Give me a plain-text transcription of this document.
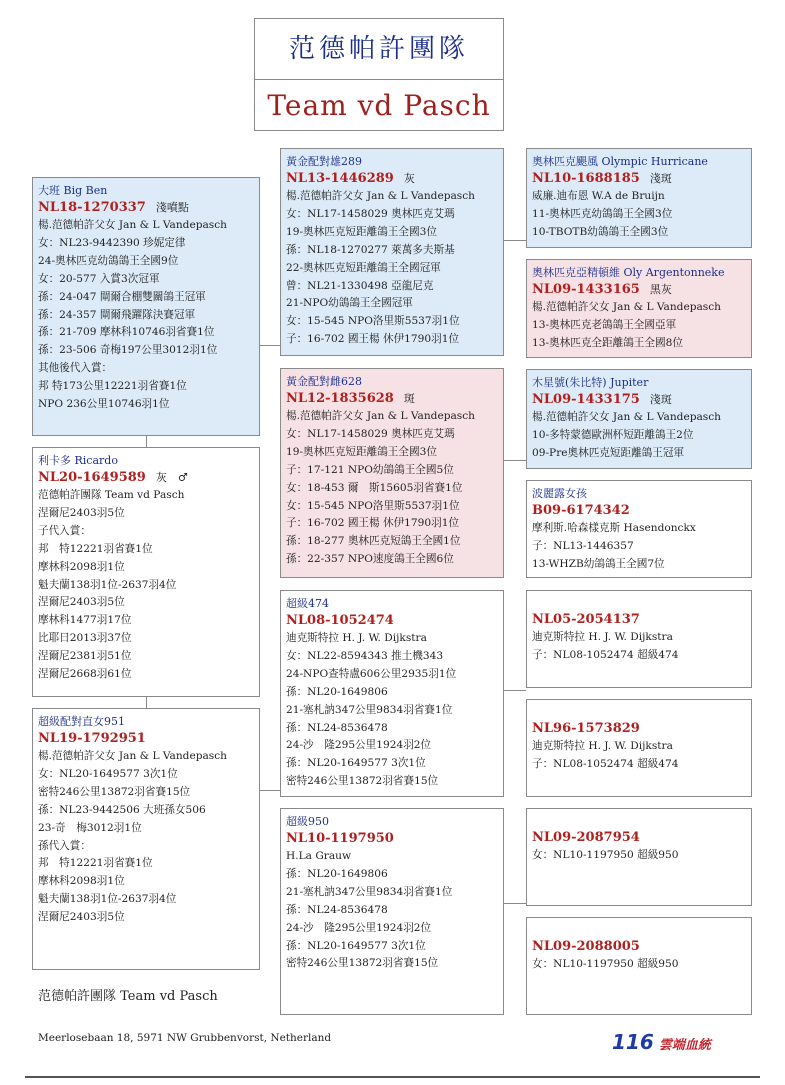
范德帕許團隊
Team vd Pasch
大班 Big Ben
NL18-1270337 淺噴點
楊.范德帕許父女 Jan & L Vandepasch
女：NL23-9442390 珍妮定律
24-奧林匹克幼鴿鴿王全國9位
女：20-577 入賞3次冠軍
孫：24-047 閘爾合棚雙關鴿王冠軍
孫：24-357 閘爾飛躍隊決賽冠軍
孫：21-709 摩林科10746羽省賽1位
孫：23-506 奇梅197公里3012羽1位
其他後代入賞：
邦 特173公里12221羽省賽1位
NPO 236公里10746羽1位
利卡多 Ricardo
NL20-1649589 灰　♂
范德帕許團隊 Team vd Pasch
涅爾尼2403羽5位
子代入賞：
邦　特12221羽省賽1位
摩林科2098羽1位
魁夫蘭138羽1位-2637羽4位
涅爾尼2403羽5位
摩林科1477羽17位
比耶日2013羽37位
涅爾尼2381羽51位
涅爾尼2668羽61位
超級配對直女951
NL19-1792951
楊.范德帕許父女 Jan & L Vandepasch
女：NL20-1649577 3次1位
密特246公里13872羽省賽15位
孫：NL23-9442506 大班孫女506
23-奇　梅3012羽1位
孫代入賞：
邦　特12221羽省賽1位
摩林科2098羽1位
魁夫蘭138羽1位-2637羽4位
涅爾尼2403羽5位
黃金配對雄289
NL13-1446289 灰
楊.范德帕許父女 Jan & L Vandepasch
女：NL17-1458029 奧林匹克艾瑪
19-奧林匹克短距離鴿王全國3位
孫：NL18-1270277 萊萬多夫斯基
22-奧林匹克短距離鴿王全國冠軍
曾：NL21-1330498 亞龍尼克
21-NPO幼鴿鴿王全國冠軍
女：15-545 NPO洛里斯5537羽1位
子：16-702 國王楊 休伊1790羽1位
黃金配對雌628
NL12-1835628 斑
楊.范德帕許父女 Jan & L Vandepasch
女：NL17-1458029 奧林匹克艾瑪
19-奧林匹克短距離鴿王全國3位
子：17-121 NPO幼鴿鴿王全國5位
女：18-453 爾　斯15605羽省賽1位
女：15-545 NPO洛里斯5537羽1位
子：16-702 國王楊 休伊1790羽1位
孫：18-277 奧林匹克短鴿王全國1位
孫：22-357 NPO速度鴿王全國6位
超級474
NL08-1052474
迪克斯特拉 H. J. W. Dijkstra
女：NL22-8594343 推土機343
24-NPO查特盧606公里2935羽1位
孫：NL20-1649806
21-塞札訥347公里9834羽省賽1位
孫：NL24-8536478
24-沙　隆295公里1924羽2位
孫：NL20-1649577 3次1位
密特246公里13872羽省賽15位
超級950
NL10-1197950
H.La Grauw
孫：NL20-1649806
21-塞札訥347公里9834羽省賽1位
孫：NL24-8536478
24-沙　隆295公里1924羽2位
孫：NL20-1649577 3次1位
密特246公里13872羽省賽15位
奧林匹克颶風 Olympic Hurricane
NL10-1688185 淺斑
威廉.迪布恩 W.A de Bruijn
11-奧林匹克幼鴿鴿王全國3位
10-TBOTB幼鴿鴿王全國3位
奧林匹克亞精頓維 Oly Argentonneke
NL09-1433165 黑灰
楊.范德帕許父女 Jan & L Vandepasch
13-奧林匹克老鴿鴿王全國亞軍
13-奧林匹克全距離鴿王全國8位
木星號(朱比特) Jupiter
NL09-1433175 淺斑
楊.范德帕許父女 Jan & L Vandepasch
10-多特蒙德歐洲杯短距離鴿王2位
09-Pre奧林匹克短距離鴿王冠軍
波麗露女孩
B09-6174342
摩利斯.哈森樣克斯 Hasendonckx
子：NL13-1446357
13-WHZB幼鴿鴿王全國7位
NL05-2054137
迪克斯特拉 H. J. W. Dijkstra
子：NL08-1052474 超級474
NL96-1573829
迪克斯特拉 H. J. W. Dijkstra
子：NL08-1052474 超級474
NL09-2087954
女：NL10-1197950 超級950
NL09-2088005
女：NL10-1197950 超級950
范德帕許團隊 Team vd Pasch
Meerlosebaan 18, 5971 NW Grubbenvorst, Netherland	116 雲端血統
